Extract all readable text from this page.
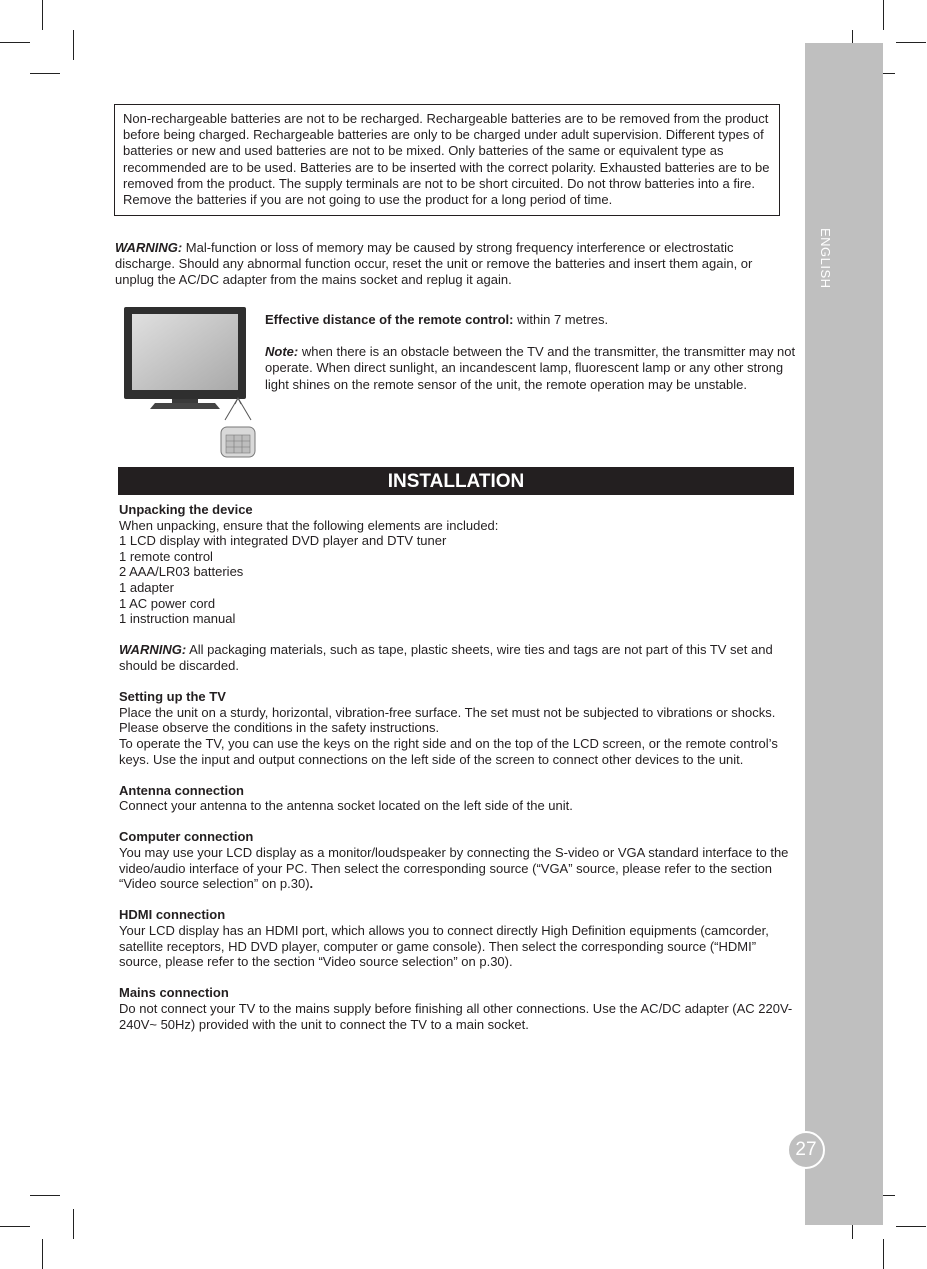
ENGLISH
27
Non-rechargeable batteries are not to be recharged. Rechargeable batteries are to be removed from the product before being charged. Rechargeable batteries are only to be charged under adult supervision. Different types of batteries or new and used batteries are not to be mixed. Only batteries of the same or equivalent type as recommended are to be used. Batteries are to be inserted with the correct polarity. Exhausted batteries are to be removed from the product. The supply terminals are not to be short circuited. Do not throw batteries into a fire. Remove the batteries if you are not going to use the product for a long period of time.
WARNING: Mal-function or loss of memory may be caused by strong frequency interference or electrostatic discharge. Should any abnormal function occur, reset the unit or remove the batteries and insert them again, or unplug the AC/DC adapter from the mains socket and replug it again.

Effective distance of the remote control: within 7 metres.

Note: when there is an obstacle between the TV and the transmitter, the transmitter may not operate. When direct sunlight, an incandescent lamp, fluorescent lamp or any other strong light shines on the remote sensor of the unit, the remote operation may be unstable.

INSTALLATION
Unpacking the device
When unpacking, ensure that the following elements are included:
1 LCD display with integrated DVD player and DTV tuner
1 remote control
2 AAA/LR03 batteries
1 adapter
1 AC power cord
1 instruction manual
WARNING: All packaging materials, such as tape, plastic sheets, wire ties and tags are not part of this TV set and should be discarded.
Setting up the TV
Place the unit on a sturdy, horizontal, vibration-free surface. The set must not be subjected to vibrations or shocks. Please observe the conditions in the safety instructions.
To operate the TV, you can use the keys on the right side and on the top of the LCD screen, or the remote control’s keys. Use the input and output connections on the left side of the screen to connect other devices to the unit.
Antenna connection
Connect your antenna to the antenna socket located on the left side of the unit.
Computer connection
You may use your LCD display as a monitor/loudspeaker by connecting the S-video or VGA standard interface to the video/audio interface of your PC. Then select the corresponding source (“VGA” source, please refer to the section “Video source selection” on p.30).
HDMI connection
Your LCD display has an HDMI port, which allows you to connect directly High Definition equipments (camcorder, satellite receptors, HD DVD player, computer or game console). Then select the corresponding source (“HDMI” source, please refer to the section “Video source selection” on p.30).
Mains connection
Do not connect your TV to the mains supply before finishing all other connections. Use the AC/DC adapter (AC 220V- 240V~ 50Hz) provided with the unit to connect the TV to a main socket.
